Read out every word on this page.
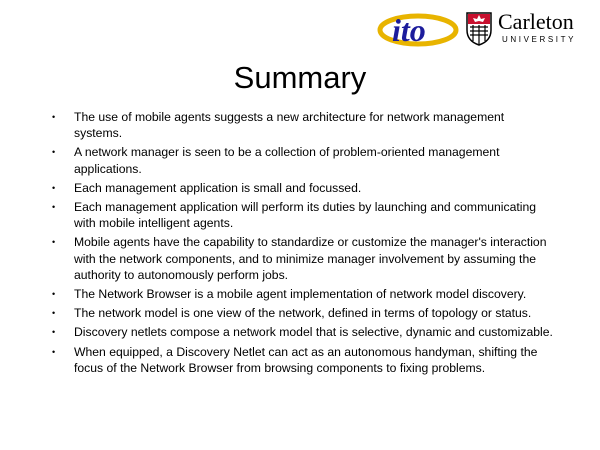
ito	Carleton
UNIVERSITY
Summary
• The use of mobile agents suggests a new architecture for network management systems.
• A network manager is seen to be a collection of problem-oriented management applications.
• Each management application is small and focussed.
• Each management application will perform its duties by launching and communicating with mobile intelligent agents.
• Mobile agents have the capability to standardize or customize the manager's interaction with the network components, and to minimize manager involvement by assuming the authority to autonomously perform jobs.
• The Network Browser is a mobile agent implementation of network model discovery.
• The network model is one view of the network, defined in terms of topology or status.
• Discovery netlets compose a network model that is selective, dynamic and customizable.
• When equipped, a Discovery Netlet can act as an autonomous handyman, shifting the focus of the Network Browser from browsing components to fixing problems.
